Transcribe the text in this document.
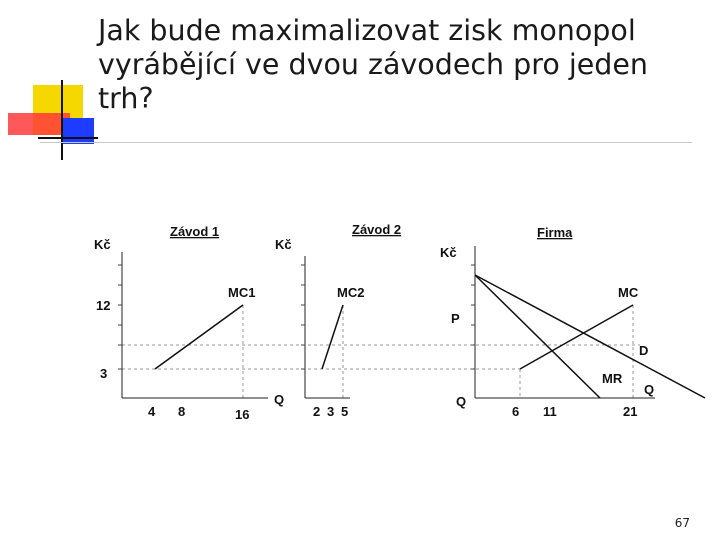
Jak bude maximalizovat zisk monopol
vyrábějící ve dvou závodech pro jeden
trh?
Závod 1	Závod 2	Firma
Kč	Kč
Kč
12
3
4 8	16
Q
MC1
2 3 5
MC2
P
MC
D
MR
Q
Q
6 11	21
67
